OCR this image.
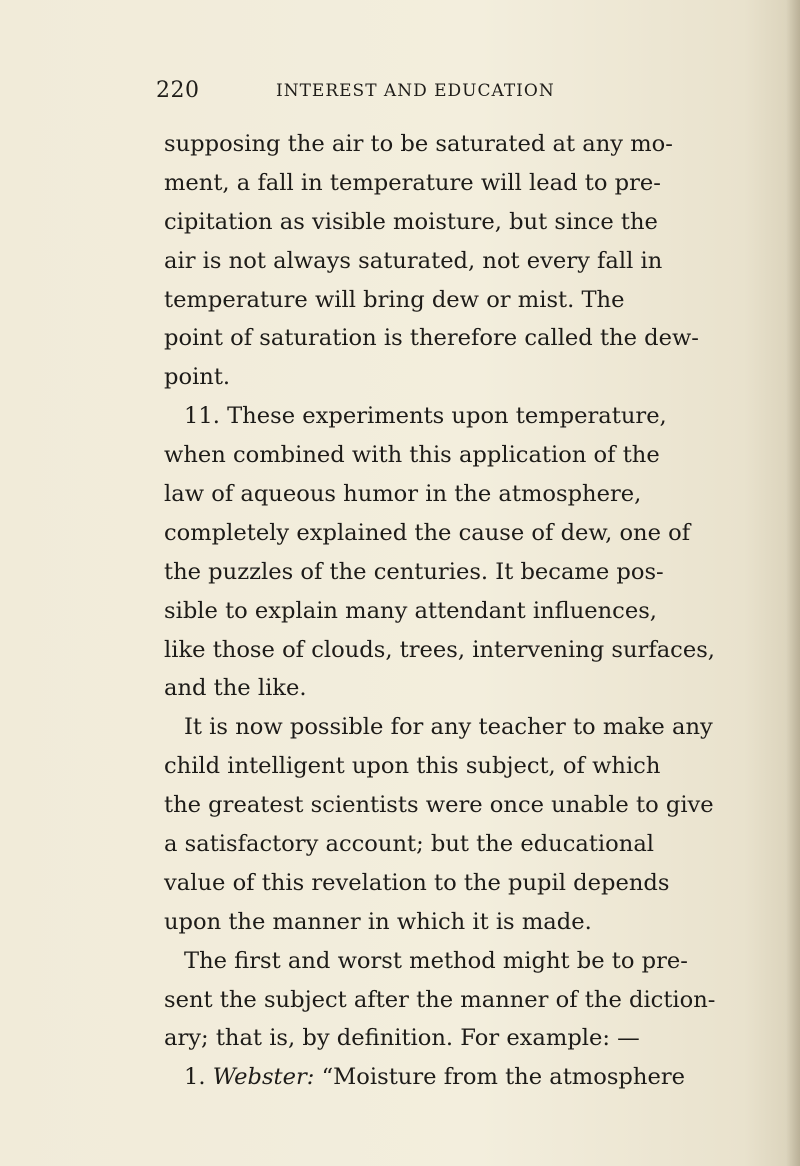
220	INTEREST AND EDUCATION
supposing the air to be saturated at any mo-
ment, a fall in temperature will lead to pre-
cipitation as visible moisture, but since the
air is not always saturated, not every fall in
temperature will bring dew or mist. The
point of saturation is therefore called the dew-
point.
11. These experiments upon temperature,
when combined with this application of the
law of aqueous humor in the atmosphere,
completely explained the cause of dew, one of
the puzzles of the centuries. It became pos-
sible to explain many attendant influences,
like those of clouds, trees, intervening surfaces,
and the like.
It is now possible for any teacher to make any
child intelligent upon this subject, of which
the greatest scientists were once unable to give
a satisfactory account; but the educational
value of this revelation to the pupil depends
upon the manner in which it is made.
The first and worst method might be to pre-
sent the subject after the manner of the diction-
ary; that is, by definition. For example: —
1. Webster: “Moisture from the atmosphere
